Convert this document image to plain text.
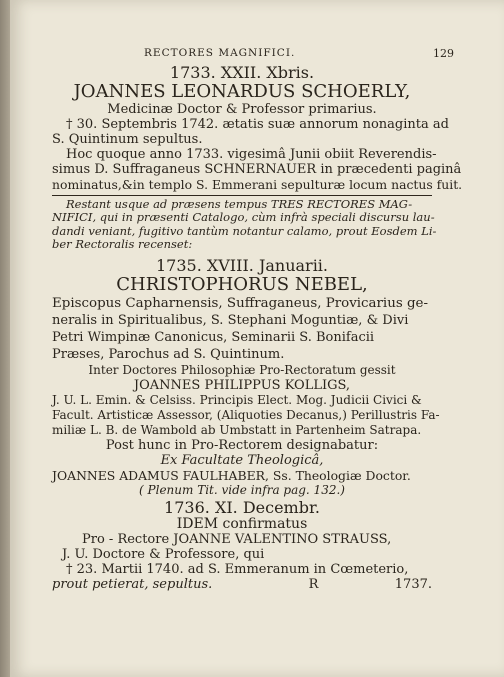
RECTORES MAGNIFICI.	129
1733. XXII. Xbris.
JOANNES LEONARDUS SCHOERLY,
Medicinæ Doctor & Professor primarius.
† 30. Septembris 1742. ætatis suæ annorum nonaginta ad
S. Quintinum sepultus.
Hoc quoque anno 1733. vigesimâ Junii obiit Reverendis-
simus D. Suffraganeus SCHNERNAUER in præcedenti paginâ
nominatus,&in templo S. Emmerani sepulturæ locum nactus fuit.
Restant usque ad præsens tempus TRES RECTORES MAG-
NIFICI, qui in præsenti Catalogo, cùm infrà speciali discursu lau-
dandi veniant, fugitivo tantùm notantur calamo, prout Eosdem Li-
ber Rectoralis recenset:
1735. XVIII. Januarii.
CHRISTOPHORUS NEBEL,
Episcopus Capharnensis, Suffraganeus, Provicarius ge-
neralis in Spiritualibus, S. Stephani Moguntiæ, & Divi
Petri Wimpinæ Canonicus, Seminarii S. Bonifacii
Præses, Parochus ad S. Quintinum.
Inter Doctores Philosophiæ Pro-Rectoratum gessit
JOANNES PHILIPPUS KOLLIGS,
J. U. L. Emin. & Celsiss. Principis Elect. Mog. Judicii Civici &
Facult. Artisticæ Assessor, (Aliquoties Decanus,) Perillustris Fa-
miliæ L. B. de Wambold ab Umbstatt in Partenheim Satrapa.
Post hunc in Pro-Rectorem designabatur:
Ex Facultate Theologicâ,
JOANNES ADAMUS FAULHABER, Ss. Theologiæ Doctor.
( Plenum Tit. vide infra pag. 132.)
1736. XI. Decembr.
IDEM confirmatus
Pro - Rectore JOANNE VALENTINO STRAUSS,
J. U. Doctore & Professore, qui
† 23. Martii 1740. ad S. Emmeranum in Cœmeterio,
prout petierat, sepultus.	R	1737.
